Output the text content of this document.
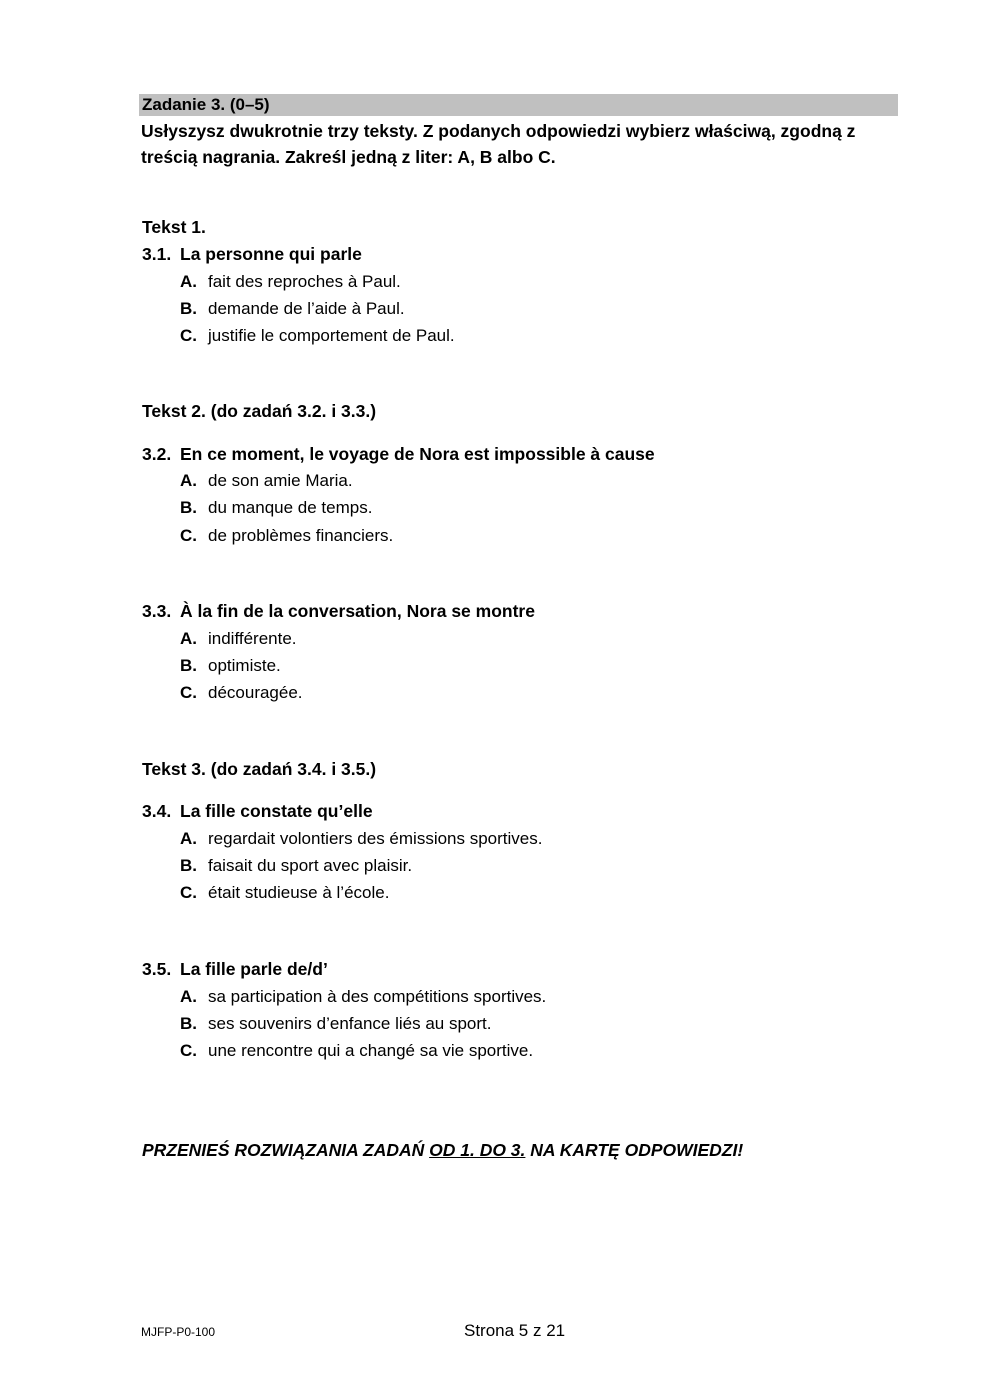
Zadanie 3. (0–5)
Usłyszysz dwukrotnie trzy teksty. Z podanych odpowiedzi wybierz właściwą, zgodną z treścią nagrania. Zakreśl jedną z liter: A, B albo C.
Tekst 1.
3.1. La personne qui parle
A. fait des reproches à Paul.
B. demande de l’aide à Paul.
C. justifie le comportement de Paul.
Tekst 2. (do zadań 3.2. i 3.3.)
3.2. En ce moment, le voyage de Nora est impossible à cause
A. de son amie Maria.
B. du manque de temps.
C. de problèmes financiers.
3.3. À la fin de la conversation, Nora se montre
A. indifférente.
B. optimiste.
C. découragée.
Tekst 3. (do zadań 3.4. i 3.5.)
3.4. La fille constate qu’elle
A. regardait volontiers des émissions sportives.
B. faisait du sport avec plaisir.
C. était studieuse à l’école.
3.5. La fille parle de/d’
A. sa participation à des compétitions sportives.
B. ses souvenirs d’enfance liés au sport.
C. une rencontre qui a changé sa vie sportive.
PRZENIEŚ ROZWIĄZANIA ZADAŃ OD 1. DO 3. NA KARTĘ ODPOWIEDZI!
MJFP-P0-100	Strona 5 z 21
